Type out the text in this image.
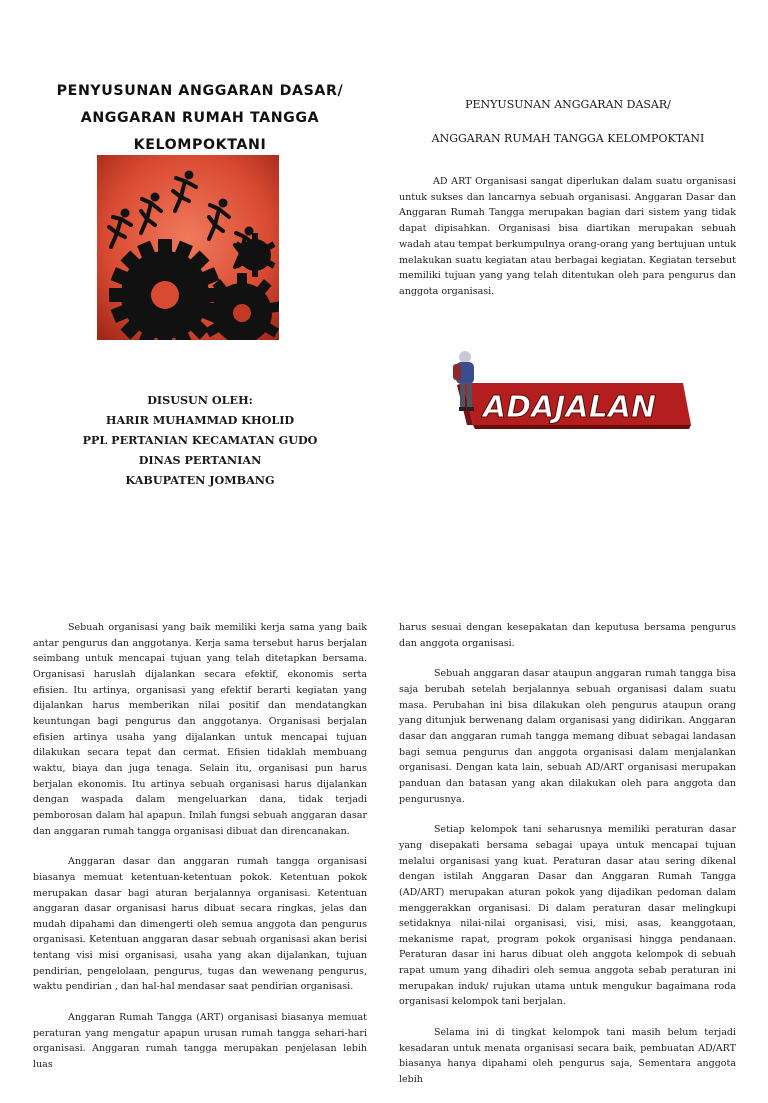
PENYUSUNAN ANGGARAN DASAR/
ANGGARAN RUMAH TANGGA
KELOMPOKTANI
DISUSUN OLEH:
HARIR MUHAMMAD KHOLID
PPL PERTANIAN KECAMATAN GUDO
DINAS PERTANIAN
KABUPATEN JOMBANG
PENYUSUNAN ANGGARAN DASAR/
ANGGARAN RUMAH TANGGA KELOMPOKTANI
AD ART Organisasi sangat diperlukan dalam suatu organisasi untuk sukses dan lancarnya sebuah organisasi. Anggaran Dasar dan Anggaran Rumah Tangga merupakan bagian dari sistem yang tidak dapat dipisahkan. Organisasi bisa diartikan merupakan sebuah wadah atau tempat berkumpulnya orang-orang yang bertujuan untuk melakukan suatu kegiatan atau berbagai kegiatan. Kegiatan tersebut memiliki tujuan yang yang telah ditentukan oleh para pengurus dan anggota organisasi.
ADAJALAN

Sebuah organisasi yang baik memiliki kerja sama yang baik antar pengurus dan anggotanya. Kerja sama tersebut harus berjalan seimbang untuk mencapai tujuan yang telah ditetapkan bersama. Organisasi haruslah dijalankan secara efektif, ekonomis serta efisien. Itu artinya, organisasi yang efektif berarti kegiatan yang dijalankan harus memberikan nilai positif dan mendatangkan keuntungan bagi pengurus dan anggotanya. Organisasi berjalan efisien artinya usaha yang dijalankan untuk mencapai tujuan dilakukan secara tepat dan cermat. Efisien tidaklah membuang waktu, biaya dan juga tenaga. Selain itu, organisasi pun harus berjalan ekonomis. Itu artinya sebuah organisasi harus dijalankan dengan waspada dalam mengeluarkan dana, tidak terjadi pemborosan dalam hal apapun. Inilah fungsi sebuah anggaran dasar dan anggaran rumah tangga organisasi dibuat dan direncanakan.

Anggaran dasar dan anggaran rumah tangga organisasi biasanya memuat ketentuan-ketentuan pokok. Ketentuan pokok merupakan dasar bagi aturan berjalannya organisasi. Ketentuan anggaran dasar organisasi harus dibuat secara ringkas, jelas dan mudah dipahami dan dimengerti oleh semua anggota dan pengurus organisasi. Ketentuan anggaran dasar sebuah organisasi akan berisi tentang visi misi organisasi, usaha yang akan dijalankan, tujuan pendirian, pengelolaan, pengurus, tugas dan wewenang pengurus, waktu pendirian , dan hal-hal mendasar saat pendirian organisasi.

Anggaran Rumah Tangga (ART) organisasi biasanya memuat peraturan yang mengatur apapun urusan rumah tangga sehari-hari organisasi. Anggaran rumah tangga merupakan penjelasan lebih luas

harus sesuai dengan kesepakatan dan keputusa bersama pengurus dan anggota organisasi.

Sebuah anggaran dasar ataupun anggaran rumah tangga bisa saja berubah setelah berjalannya sebuah organisasi dalam suatu masa. Perubahan ini bisa dilakukan oleh pengurus ataupun orang yang ditunjuk berwenang dalam organisasi yang didirikan. Anggaran dasar dan anggaran rumah tangga memang dibuat sebagai landasan bagi semua pengurus dan anggota organisasi dalam menjalankan organisasi. Dengan kata lain, sebuah AD/ART organisasi merupakan panduan dan batasan yang akan dilakukan oleh para anggota dan pengurusnya.

Setiap kelompok tani seharusnya memiliki peraturan dasar yang disepakati bersama sebagai upaya untuk mencapai tujuan melalui organisasi yang kuat. Peraturan dasar atau sering dikenal dengan istilah Anggaran Dasar dan Anggaran Rumah Tangga (AD/ART) merupakan aturan pokok yang dijadikan pedoman dalam menggerakkan organisasi. Di dalam peraturan dasar melingkupi setidaknya nilai-nilai organisasi, visi, misi, asas, keanggotaan, mekanisme rapat, program pokok organisasi hingga pendanaan. Peraturan dasar ini harus dibuat oleh anggota kelompok di sebuah rapat umum yang dihadiri oleh semua anggota sebab peraturan ini merupakan induk/ rujukan utama untuk mengukur bagaimana roda organisasi kelompok tani berjalan.

Selama ini di tingkat kelompok tani masih belum terjadi kesadaran untuk menata organisasi secara baik, pembuatan AD/ART biasanya hanya dipahami oleh pengurus saja, Sementara anggota lebih
